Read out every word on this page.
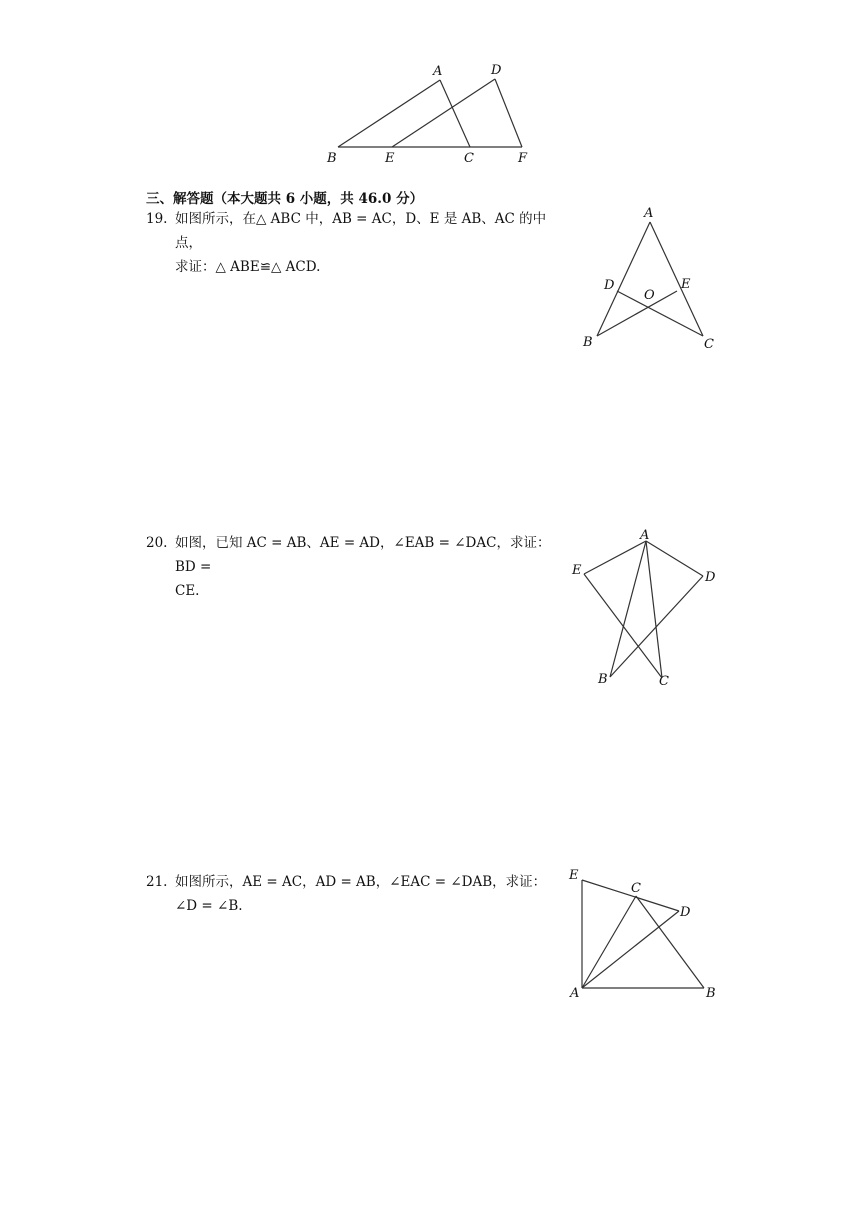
A	D
B	E	C	F
三、解答题（本大题共 6 小题，共 46.0 分）
19. 如图所示，在△ ABC 中，AB = AC，D、E 是 AB、AC 的中点，
求证：△ ABE≌△ ACD.
A
D
O
E
B	C
20. 如图，已知 AC = AB、AE = AD，∠EAB = ∠DAC，求证：BD =
CE.
A
E	D
B	C
21. 如图所示，AE = AC，AD = AB，∠EAC = ∠DAB，求证：
∠D = ∠B.
E
C
D
A	B
